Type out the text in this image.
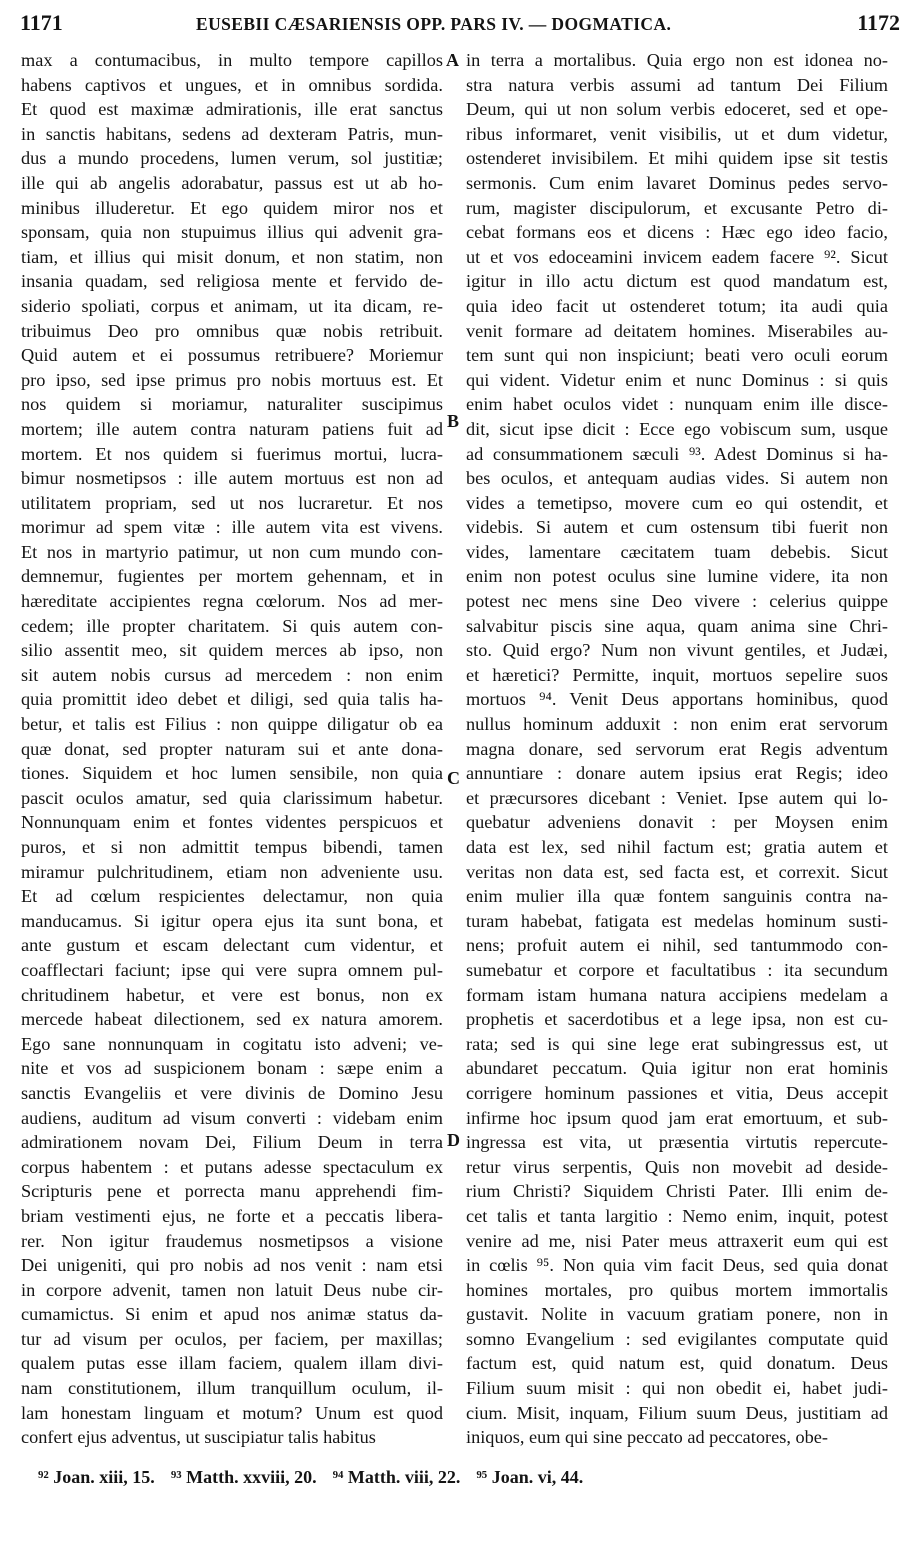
1171	EUSEBII CÆSARIENSIS OPP. PARS IV. — DOGMATICA.	1172
max a contumacibus, in multo tempore capillos
habens captivos et ungues, et in omnibus sordida.
Et quod est maximæ admirationis, ille erat sanctus
in sanctis habitans, sedens ad dexteram Patris, mun-
dus a mundo procedens, lumen verum, sol justitiæ;
ille qui ab angelis adorabatur, passus est ut ab ho-
minibus illuderetur. Et ego quidem miror nos et
sponsam, quia non stupuimus illius qui advenit gra-
tiam, et illius qui misit donum, et non statim, non
insania quadam, sed religiosa mente et fervido de-
siderio spoliati, corpus et animam, ut ita dicam, re-
tribuimus Deo pro omnibus quæ nobis retribuit.
Quid autem et ei possumus retribuere? Moriemur
pro ipso, sed ipse primus pro nobis mortuus est. Et
nos quidem si moriamur, naturaliter suscipimus
mortem; ille autem contra naturam patiens fuit ad
mortem. Et nos quidem si fuerimus mortui, lucra-
bimur nosmetipsos : ille autem mortuus est non ad
utilitatem propriam, sed ut nos lucraretur. Et nos
morimur ad spem vitæ : ille autem vita est vivens.
Et nos in martyrio patimur, ut non cum mundo con-
demnemur, fugientes per mortem gehennam, et in
hæreditate accipientes regna cœlorum. Nos ad mer-
cedem; ille propter charitatem. Si quis autem con-
silio assentit meo, sit quidem merces ab ipso, non
sit autem nobis cursus ad mercedem : non enim
quia promittit ideo debet et diligi, sed quia talis ha-
betur, et talis est Filius : non quippe diligatur ob ea
quæ donat, sed propter naturam sui et ante dona-
tiones. Siquidem et hoc lumen sensibile, non quia
pascit oculos amatur, sed quia clarissimum habetur.
Nonnunquam enim et fontes videntes perspicuos et
puros, et si non admittit tempus bibendi, tamen
miramur pulchritudinem, etiam non adveniente usu.
Et ad cœlum respicientes delectamur, non quia
manducamus. Si igitur opera ejus ita sunt bona, et
ante gustum et escam delectant cum videntur, et
coafflectari faciunt; ipse qui vere supra omnem pul-
chritudinem habetur, et vere est bonus, non ex
mercede habeat dilectionem, sed ex natura amorem.
Ego sane nonnunquam in cogitatu isto adveni; ve-
nite et vos ad suspicionem bonam : sæpe enim a
sanctis Evangeliis et vere divinis de Domino Jesu
audiens, auditum ad visum converti : videbam enim
admirationem novam Dei, Filium Deum in terra
corpus habentem : et putans adesse spectaculum ex
Scripturis pene et porrecta manu apprehendi fim-
briam vestimenti ejus, ne forte et a peccatis libera-
rer. Non igitur fraudemus nosmetipsos a visione
Dei unigeniti, qui pro nobis ad nos venit : nam etsi
in corpore advenit, tamen non latuit Deus nube cir-
cumamictus. Si enim et apud nos animæ status da-
tur ad visum per oculos, per faciem, per maxillas;
qualem putas esse illam faciem, qualem illam divi-
nam constitutionem, illum tranquillum oculum, il-
lam honestam linguam et motum? Unum est quod
confert ejus adventus, ut suscipiatur talis habitus
in terra a mortalibus. Quia ergo non est idonea no-
stra natura verbis assumi ad tantum Dei Filium
Deum, qui ut non solum verbis edoceret, sed et ope-
ribus informaret, venit visibilis, ut et dum videtur,
ostenderet invisibilem. Et mihi quidem ipse sit testis
sermonis. Cum enim lavaret Dominus pedes servo-
rum, magister discipulorum, et excusante Petro di-
cebat formans eos et dicens : Hæc ego ideo facio,
ut et vos edoceamini invicem eadem facere ⁹². Sicut
igitur in illo actu dictum est quod mandatum est,
quia ideo facit ut ostenderet totum; ita audi quia
venit formare ad deitatem homines. Miserabiles au-
tem sunt qui non inspiciunt; beati vero oculi eorum
qui vident. Videtur enim et nunc Dominus : si quis
enim habet oculos videt : nunquam enim ille disce-
dit, sicut ipse dicit : Ecce ego vobiscum sum, usque
ad consummationem sæculi ⁹³. Adest Dominus si ha-
bes oculos, et antequam audias vides. Si autem non
vides a temetipso, movere cum eo qui ostendit, et
videbis. Si autem et cum ostensum tibi fuerit non
vides, lamentare cæcitatem tuam debebis. Sicut
enim non potest oculus sine lumine videre, ita non
potest nec mens sine Deo vivere : celerius quippe
salvabitur piscis sine aqua, quam anima sine Chri-
sto. Quid ergo? Num non vivunt gentiles, et Judæi,
et hæretici? Permitte, inquit, mortuos sepelire suos
mortuos ⁹⁴. Venit Deus apportans hominibus, quod
nullus hominum adduxit : non enim erat servorum
magna donare, sed servorum erat Regis adventum
annuntiare : donare autem ipsius erat Regis; ideo
et præcursores dicebant : Veniet. Ipse autem qui lo-
quebatur adveniens donavit : per Moysen enim
data est lex, sed nihil factum est; gratia autem et
veritas non data est, sed facta est, et correxit. Sicut
enim mulier illa quæ fontem sanguinis contra na-
turam habebat, fatigata est medelas hominum susti-
nens; profuit autem ei nihil, sed tantummodo con-
sumebatur et corpore et facultatibus : ita secundum
formam istam humana natura accipiens medelam a
prophetis et sacerdotibus et a lege ipsa, non est cu-
rata; sed is qui sine lege erat subingressus est, ut
abundaret peccatum. Quia igitur non erat hominis
corrigere hominum passiones et vitia, Deus accepit
infirme hoc ipsum quod jam erat emortuum, et sub-
ingressa est vita, ut præsentia virtutis repercute-
retur virus serpentis, Quis non movebit ad deside-
rium Christi? Siquidem Christi Pater. Illi enim de-
cet talis et tanta largitio : Nemo enim, inquit, potest
venire ad me, nisi Pater meus attraxerit eum qui est
in cœlis ⁹⁵. Non quia vim facit Deus, sed quia donat
homines mortales, pro quibus mortem immortalis
gustavit. Nolite in vacuum gratiam ponere, non in
somno Evangelium : sed evigilantes computate quid
factum est, quid natum est, quid donatum. Deus
Filium suum misit : qui non obedit ei, habet judi-
cium. Misit, inquam, Filium suum Deus, justitiam ad
iniquos, eum qui sine peccato ad peccatores, obe-
A
B
C
D
⁹² Joan. xiii, 15. ⁹³ Matth. xxviii, 20. ⁹⁴ Matth. viii, 22. ⁹⁵ Joan. vi, 44.
